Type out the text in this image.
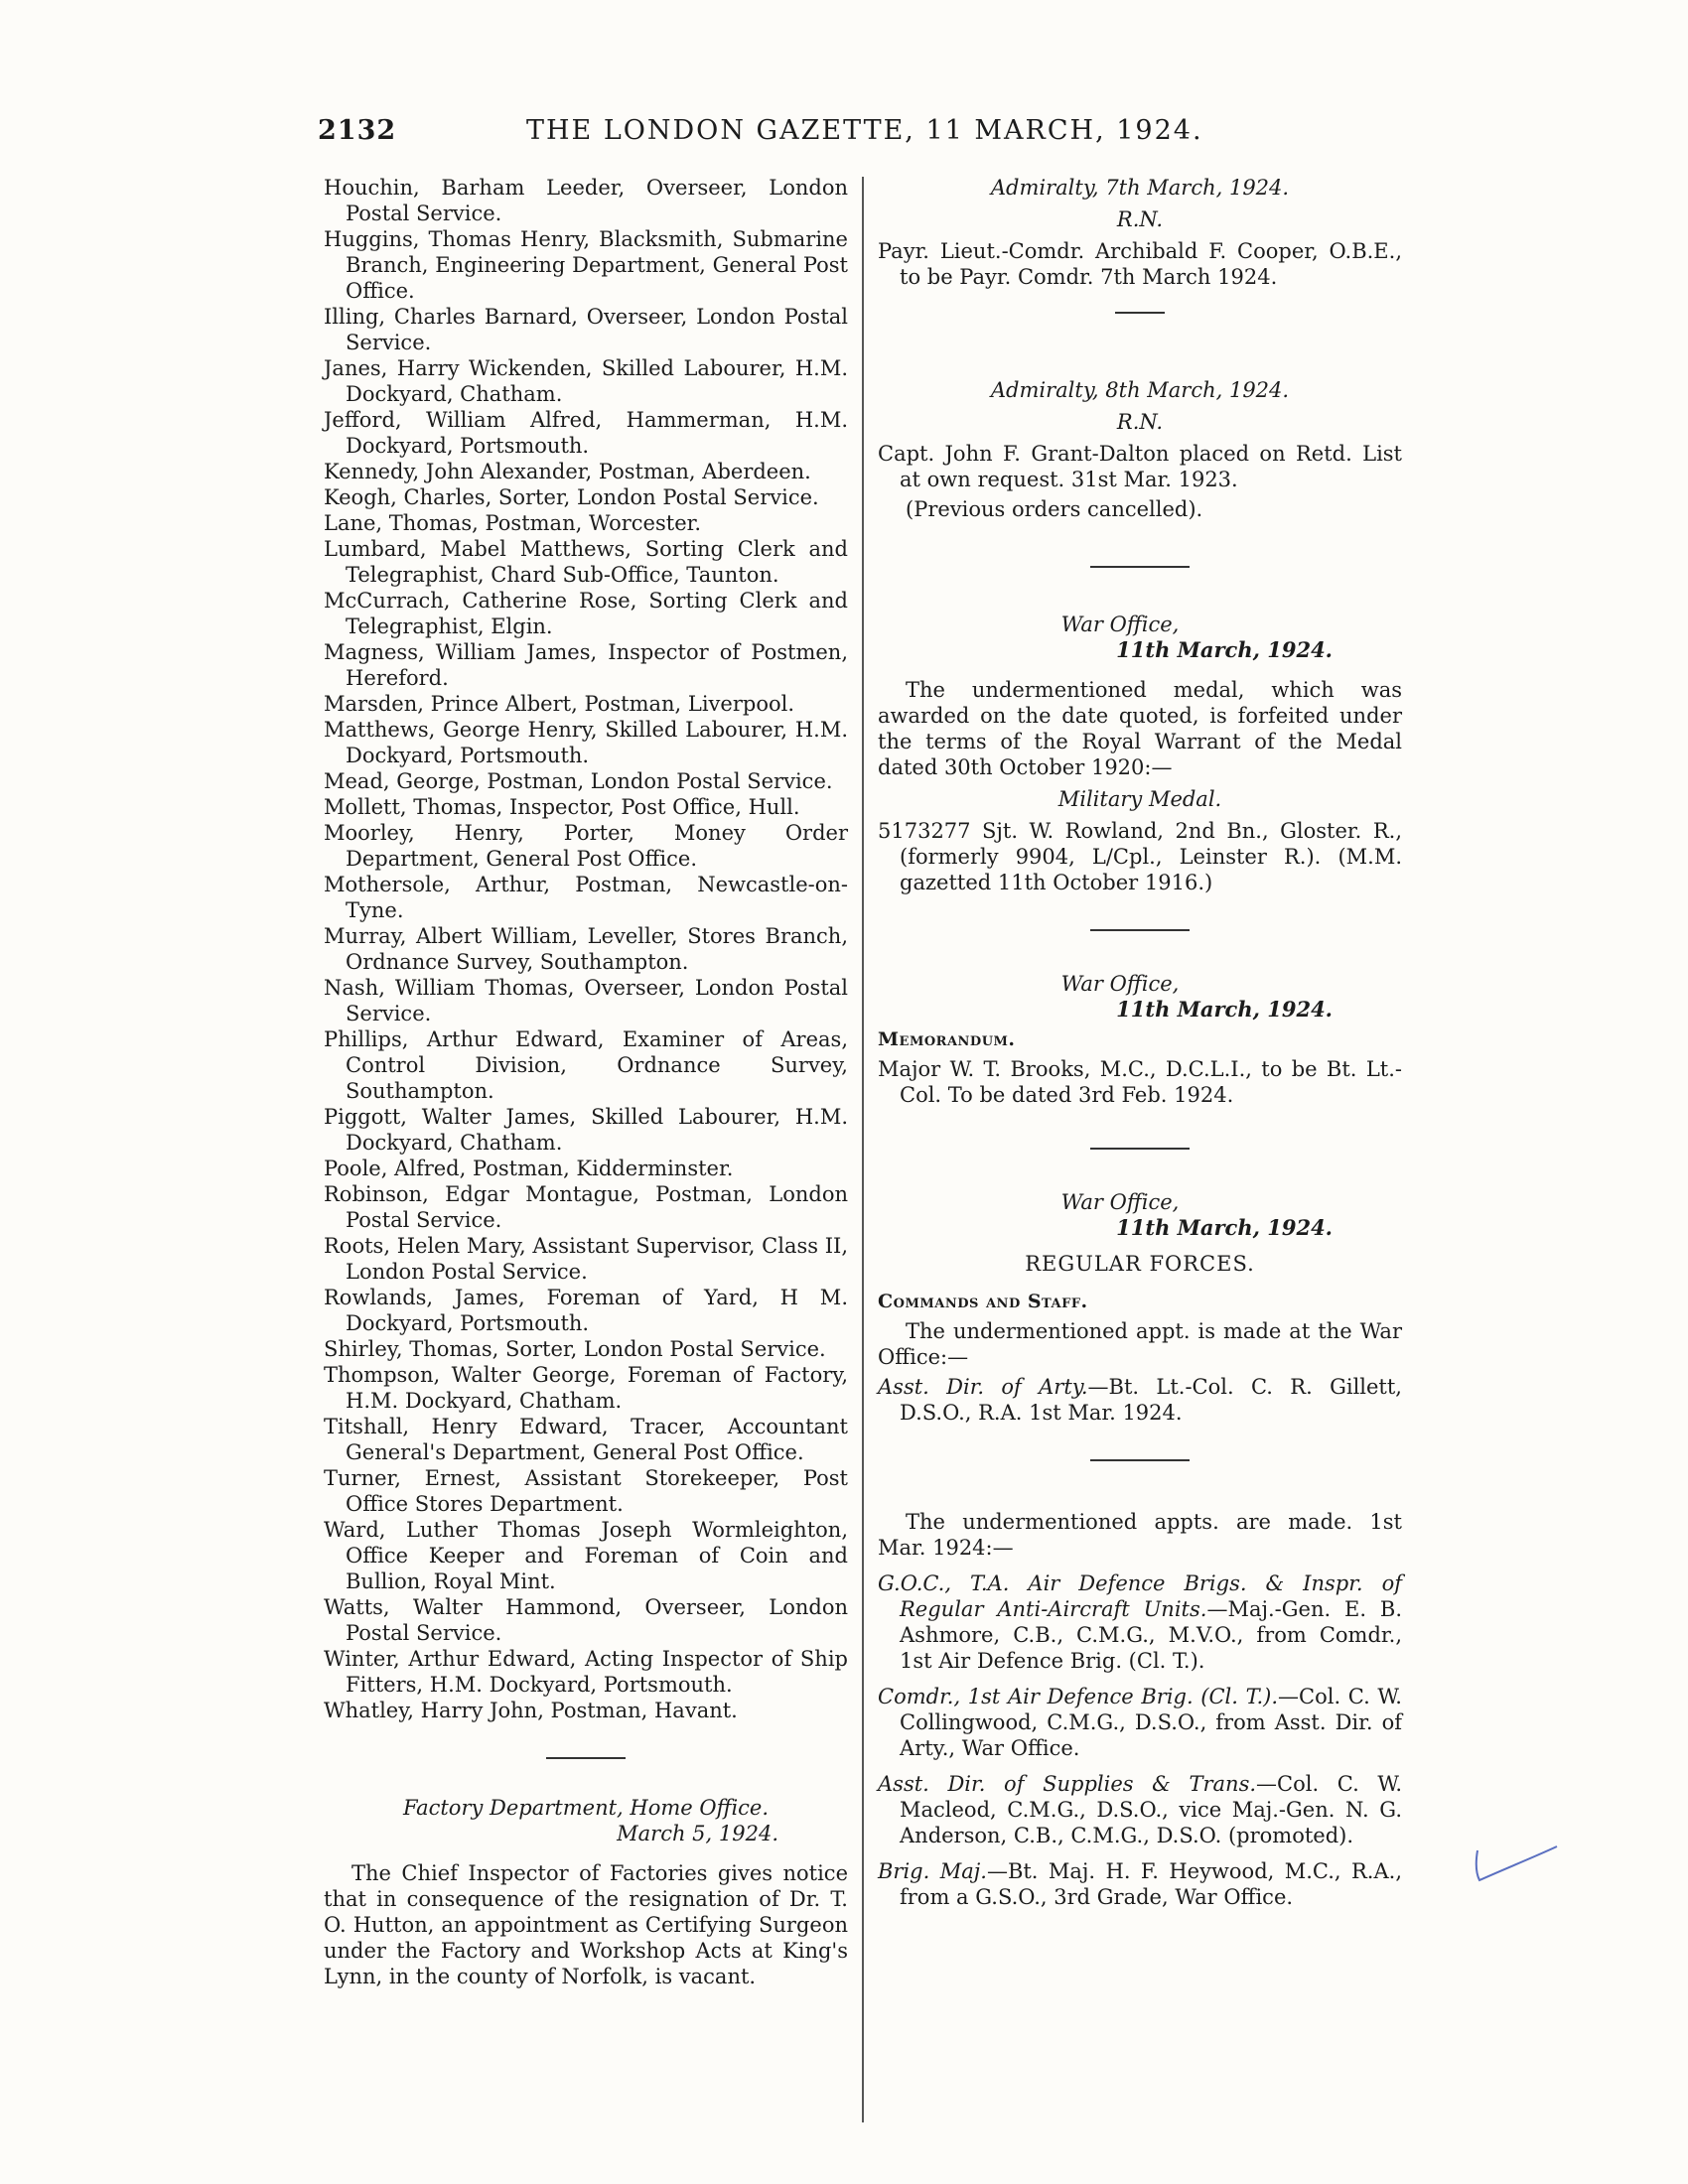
2132	THE LONDON GAZETTE, 11 MARCH, 1924.

Houchin, Barham Leeder, Overseer, London Postal Service.

Huggins, Thomas Henry, Blacksmith, Submarine Branch, Engineering Department, General Post Office.

Illing, Charles Barnard, Overseer, London Postal Service.

Janes, Harry Wickenden, Skilled Labourer, H.M. Dockyard, Chatham.

Jefford, William Alfred, Hammerman, H.M. Dockyard, Portsmouth.

Kennedy, John Alexander, Postman, Aberdeen.

Keogh, Charles, Sorter, London Postal Service.

Lane, Thomas, Postman, Worcester.

Lumbard, Mabel Matthews, Sorting Clerk and Telegraphist, Chard Sub-Office, Taunton.

McCurrach, Catherine Rose, Sorting Clerk and Telegraphist, Elgin.

Magness, William James, Inspector of Postmen, Hereford.

Marsden, Prince Albert, Postman, Liverpool.

Matthews, George Henry, Skilled Labourer, H.M. Dockyard, Portsmouth.

Mead, George, Postman, London Postal Service.

Mollett, Thomas, Inspector, Post Office, Hull.

Moorley, Henry, Porter, Money Order Department, General Post Office.

Mothersole, Arthur, Postman, Newcastle-on-Tyne.

Murray, Albert William, Leveller, Stores Branch, Ordnance Survey, Southampton.

Nash, William Thomas, Overseer, London Postal Service.

Phillips, Arthur Edward, Examiner of Areas, Control Division, Ordnance Survey, Southampton.

Piggott, Walter James, Skilled Labourer, H.M. Dockyard, Chatham.

Poole, Alfred, Postman, Kidderminster.

Robinson, Edgar Montague, Postman, London Postal Service.

Roots, Helen Mary, Assistant Supervisor, Class II, London Postal Service.

Rowlands, James, Foreman of Yard, H M. Dockyard, Portsmouth.

Shirley, Thomas, Sorter, London Postal Service.

Thompson, Walter George, Foreman of Factory, H.M. Dockyard, Chatham.

Titshall, Henry Edward, Tracer, Accountant General's Department, General Post Office.

Turner, Ernest, Assistant Storekeeper, Post Office Stores Department.

Ward, Luther Thomas Joseph Wormleighton, Office Keeper and Foreman of Coin and Bullion, Royal Mint.

Watts, Walter Hammond, Overseer, London Postal Service.

Winter, Arthur Edward, Acting Inspector of Ship Fitters, H.M. Dockyard, Portsmouth.

Whatley, Harry John, Postman, Havant.

Factory Department, Home Office.
March 5, 1924.

The Chief Inspector of Factories gives notice that in consequence of the resignation of Dr. T. O. Hutton, an appointment as Certifying Surgeon under the Factory and Workshop Acts at King's Lynn, in the county of Norfolk, is vacant.

Admiralty, 7th March, 1924.
R.N.

Payr. Lieut.-Comdr. Archibald F. Cooper, O.B.E., to be Payr. Comdr. 7th March 1924.

Admiralty, 8th March, 1924.
R.N.

Capt. John F. Grant-Dalton placed on Retd. List at own request. 31st Mar. 1923.

(Previous orders cancelled).

War Office,
11th March, 1924.

The undermentioned medal, which was awarded on the date quoted, is forfeited under the terms of the Royal Warrant of the Medal dated 30th October 1920:—

Military Medal.

5173277 Sjt. W. Rowland, 2nd Bn., Gloster. R., (formerly 9904, L/Cpl., Leinster R.). (M.M. gazetted 11th October 1916.)

War Office,
11th March, 1924.
Memorandum.

Major W. T. Brooks, M.C., D.C.L.I., to be Bt. Lt.-Col. To be dated 3rd Feb. 1924.

War Office,
11th March, 1924.
REGULAR FORCES.
Commands and Staff.

The undermentioned appt. is made at the War Office:—

Asst. Dir. of Arty.—Bt. Lt.-Col. C. R. Gillett, D.S.O., R.A. 1st Mar. 1924.

The undermentioned appts. are made. 1st Mar. 1924:—

G.O.C., T.A. Air Defence Brigs. & Inspr. of Regular Anti-Aircraft Units.—Maj.-Gen. E. B. Ashmore, C.B., C.M.G., M.V.O., from Comdr., 1st Air Defence Brig. (Cl. T.).

Comdr., 1st Air Defence Brig. (Cl. T.).—Col. C. W. Collingwood, C.M.G., D.S.O., from Asst. Dir. of Arty., War Office.

Asst. Dir. of Supplies & Trans.—Col. C. W. Macleod, C.M.G., D.S.O., vice Maj.-Gen. N. G. Anderson, C.B., C.M.G., D.S.O. (promoted).

Brig. Maj.—Bt. Maj. H. F. Heywood, M.C., R.A., from a G.S.O., 3rd Grade, War Office.
